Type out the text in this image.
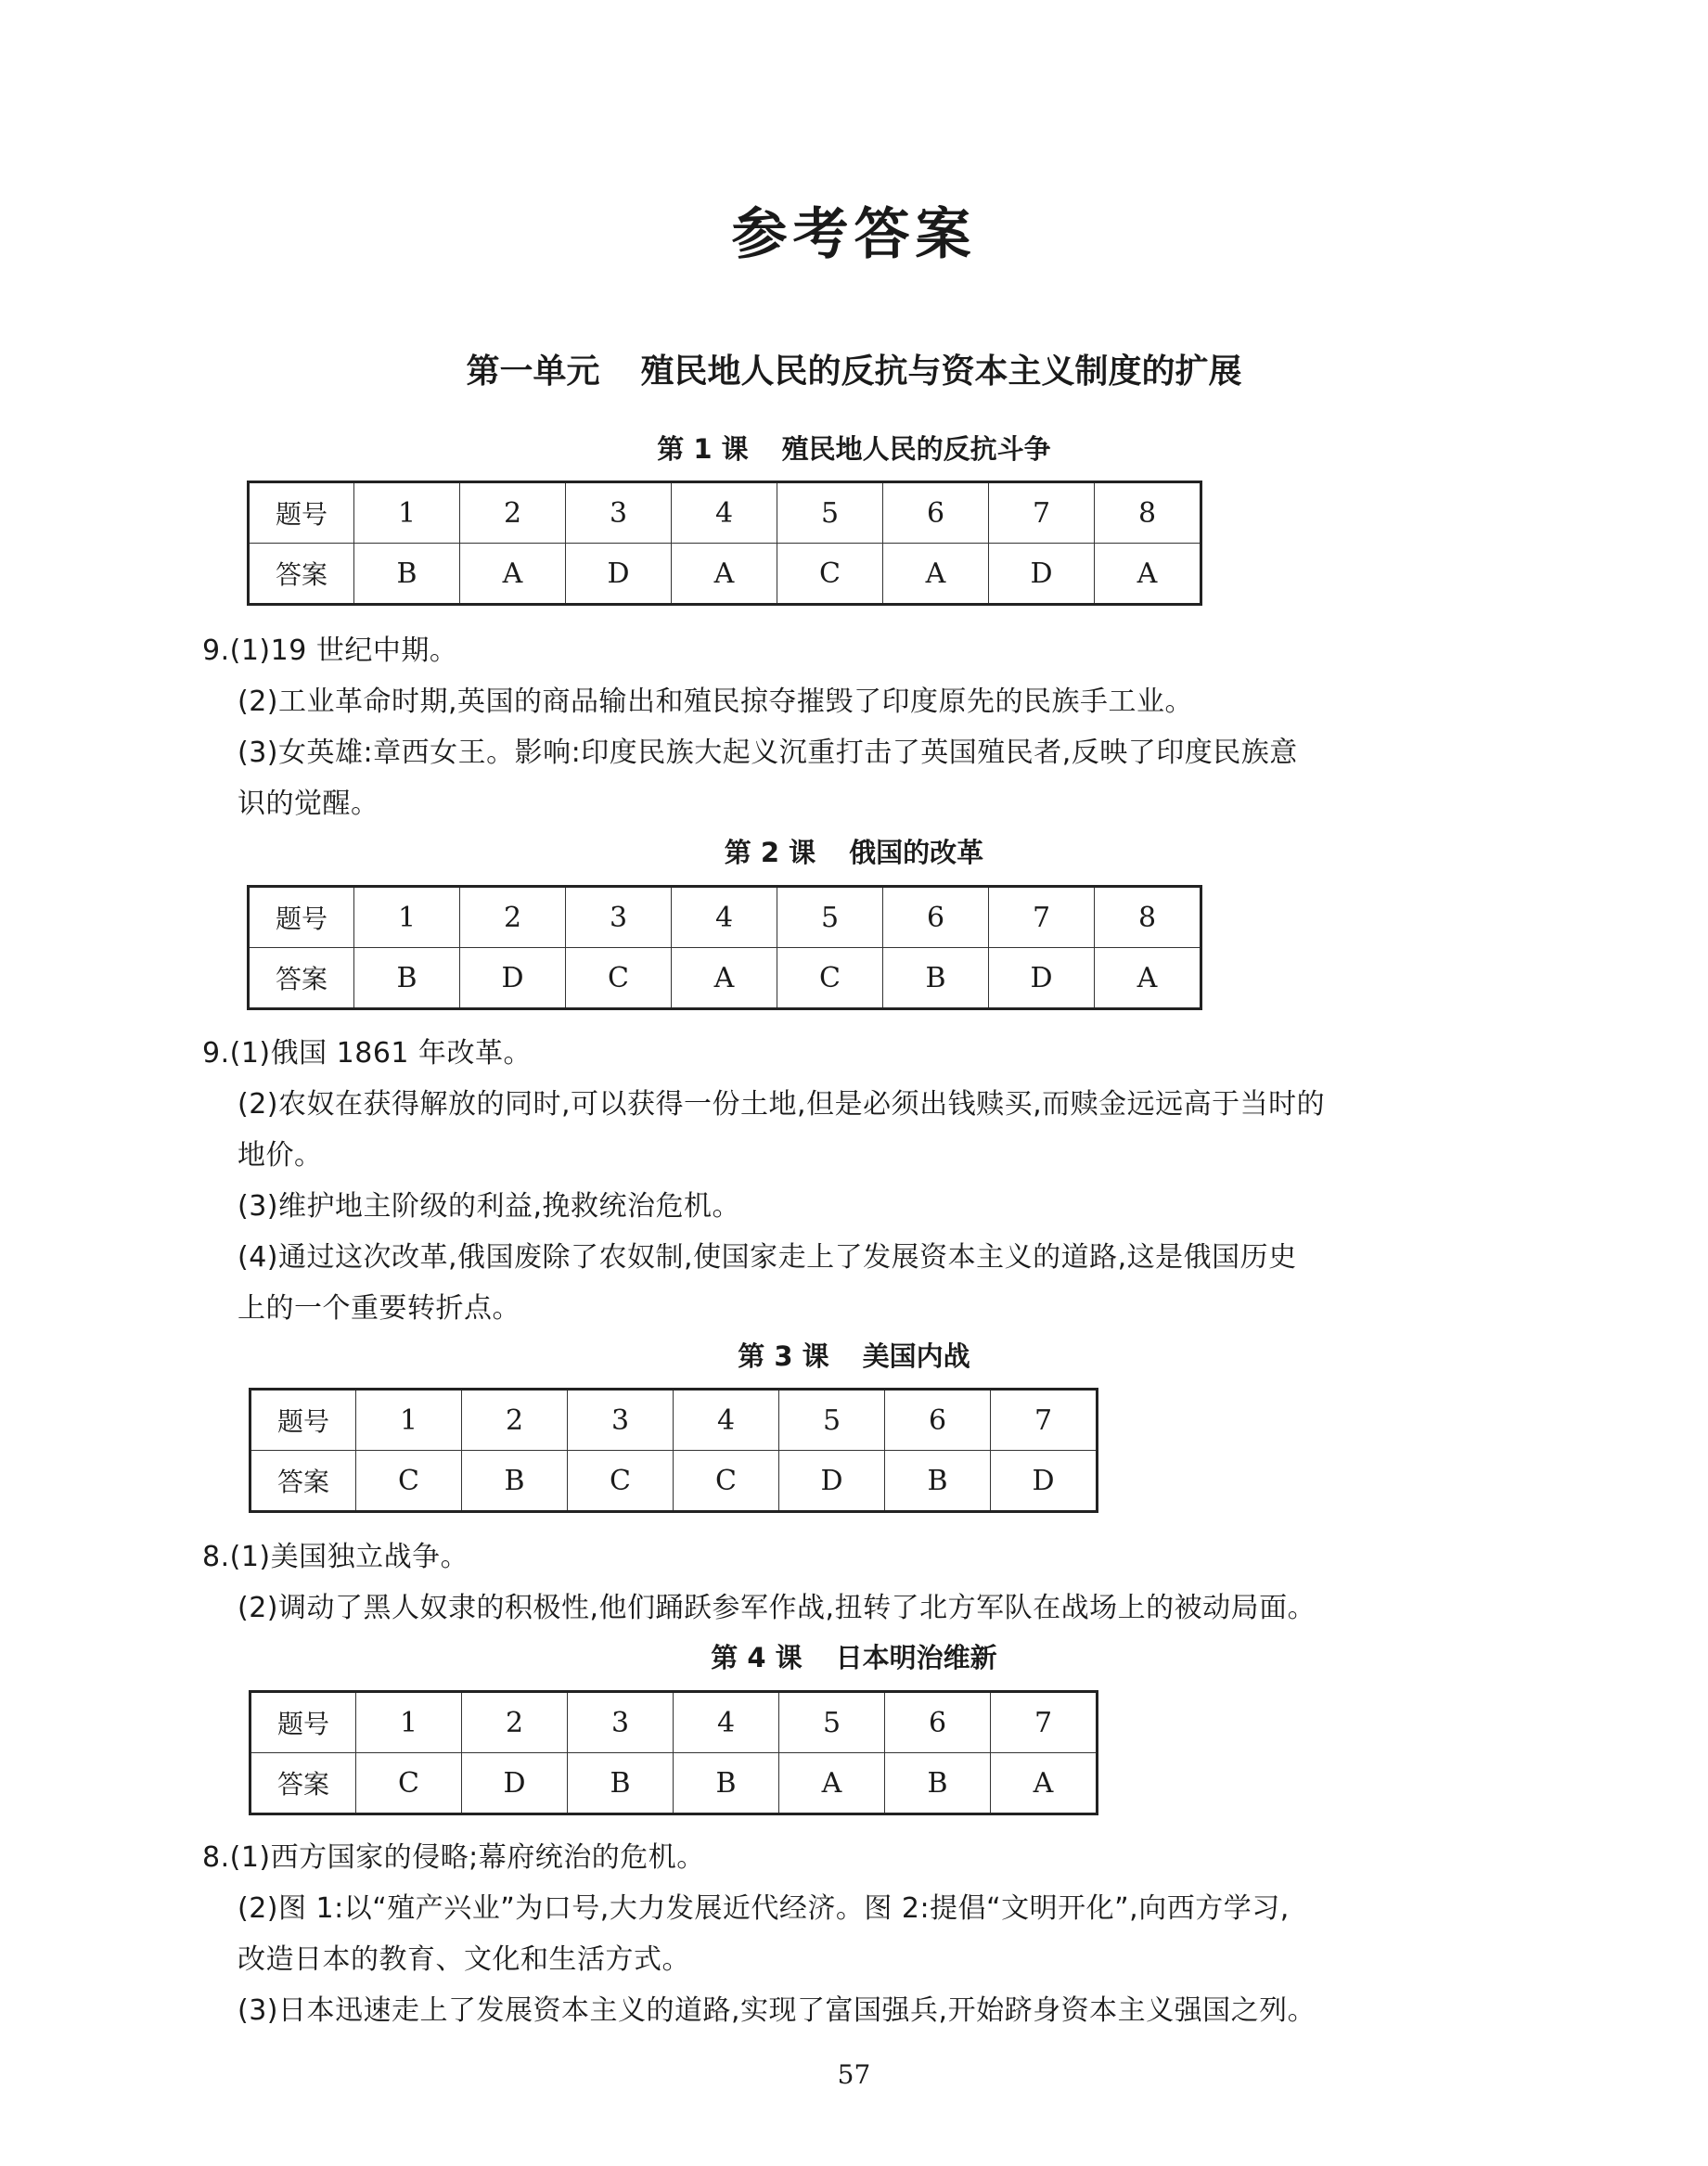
参考答案
第一单元 殖民地人民的反抗与资本主义制度的扩展
第 1 课 殖民地人民的反抗斗争
题号	1	2	3	4	5	6	7	8
答案	B	A	D	A	C	A	D	A
9.(1)19 世纪中期。
(2)工业革命时期,英国的商品输出和殖民掠夺摧毁了印度原先的民族手工业。
(3)女英雄:章西女王。影响:印度民族大起义沉重打击了英国殖民者,反映了印度民族意
识的觉醒。
第 2 课 俄国的改革
题号	1	2	3	4	5	6	7	8
答案	B	D	C	A	C	B	D	A
9.(1)俄国 1861 年改革。
(2)农奴在获得解放的同时,可以获得一份土地,但是必须出钱赎买,而赎金远远高于当时的
地价。
(3)维护地主阶级的利益,挽救统治危机。
(4)通过这次改革,俄国废除了农奴制,使国家走上了发展资本主义的道路,这是俄国历史
上的一个重要转折点。
第 3 课 美国内战
题号	1	2	3	4	5	6	7
答案	C	B	C	C	D	B	D
8.(1)美国独立战争。
(2)调动了黑人奴隶的积极性,他们踊跃参军作战,扭转了北方军队在战场上的被动局面。
第 4 课 日本明治维新
题号	1	2	3	4	5	6	7
答案	C	D	B	B	A	B	A
8.(1)西方国家的侵略;幕府统治的危机。
(2)图 1:以“殖产兴业”为口号,大力发展近代经济。图 2:提倡“文明开化”,向西方学习,
改造日本的教育、文化和生活方式。
(3)日本迅速走上了发展资本主义的道路,实现了富国强兵,开始跻身资本主义强国之列。
57
